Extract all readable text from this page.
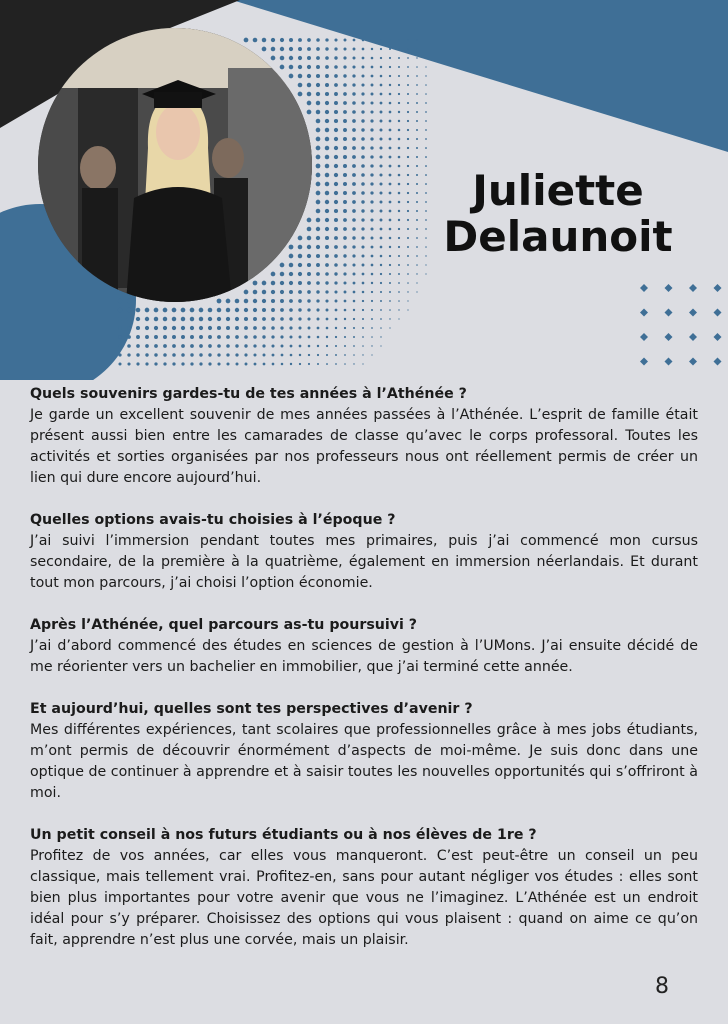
Juliette
Delaunoit

Quels souvenirs gardes-tu de tes années à l’Athénée ?

Je garde un excellent souvenir de mes années passées à l’Athénée. L’esprit de famille était présent aussi bien entre les camarades de classe qu’avec le corps professoral. Toutes les activités et sorties organisées par nos professeurs nous ont réellement permis de créer un lien qui dure encore aujourd’hui.

Quelles options avais-tu choisies à l’époque ?

J’ai suivi l’immersion pendant toutes mes primaires, puis j’ai commencé mon cursus secondaire, de la première à la quatrième, également en immersion néerlandais. Et durant tout mon parcours, j’ai choisi l’option économie.

Après l’Athénée, quel parcours as-tu poursuivi ?

J’ai d’abord commencé des études en sciences de gestion à l’UMons. J’ai ensuite décidé de me réorienter vers un bachelier en immobilier, que j’ai terminé cette année.

Et aujourd’hui, quelles sont tes perspectives d’avenir ?

Mes différentes expériences, tant scolaires que professionnelles grâce à mes jobs étudiants, m’ont permis de découvrir énormément d’aspects de moi-même. Je suis donc dans une optique de continuer à apprendre et à saisir toutes les nouvelles opportunités qui s’offriront à moi.

Un petit conseil à nos futurs étudiants ou à nos élèves de 1re ?

Profitez de vos années, car elles vous manqueront. C’est peut-être un conseil un peu classique, mais tellement vrai. Profitez-en, sans pour autant négliger vos études : elles sont bien plus importantes pour votre avenir que vous ne l’imaginez. L’Athénée est un endroit idéal pour s’y préparer. Choisissez des options qui vous plaisent : quand on aime ce qu’on fait, apprendre n’est plus une corvée, mais un plaisir.

8
